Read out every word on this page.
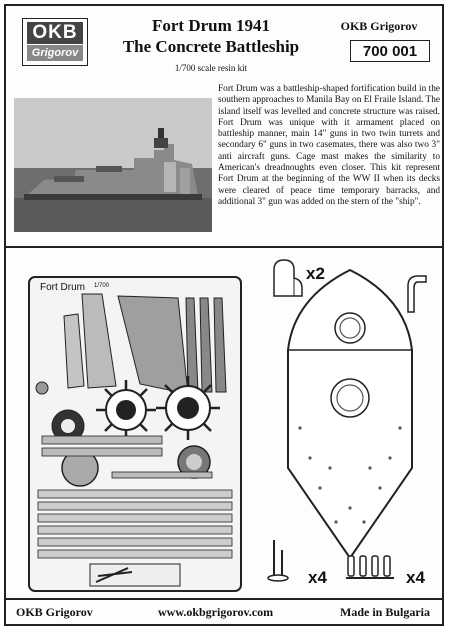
OKB
Grigorov
Fort Drum 1941
The Concrete Battleship
1/700 scale resin kit
OKB Grigorov
700 001
Fort Drum was a battleship-shaped fortification build in the southern approaches to Manila Bay on El Fraile Island. The island itself was levelled and concrete structure was raised. Fort Drum was unique with it armament placed on battleship manner, main 14" guns in two twin turrets and secondary 6" guns in two casemates, there was also two 3" anti aircraft guns. Cage mast makes the similarity to American's dreadnoughts even closer. This kit represent Fort Drum at the beginning of the WW II when its decks were cleared of peace time temporary barracks, and additional 3" gun was added on the stern of the "ship".
Fort Drum 1/700
x2
x4	x4
OKB Grigorov	www.okbgrigorov.com	Made in Bulgaria
